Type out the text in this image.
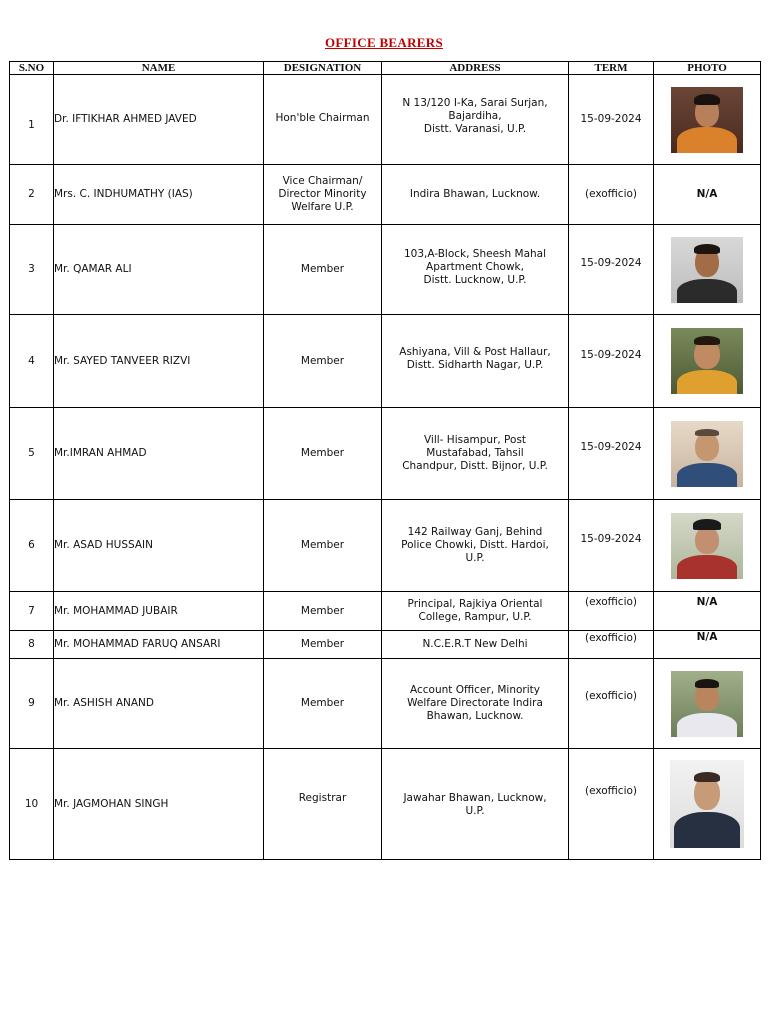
OFFICE BEARERS
S.NO	NAME	DESIGNATION	ADDRESS	TERM	PHOTO
1	Dr. IFTIKHAR AHMED JAVED	Hon'ble Chairman	N 13/120 I-Ka, Sarai Surjan,
Bajardiha,
Distt. Varanasi, U.P.	15-09-2024	

2	Mrs. C. INDHUMATHY (IAS)	Vice Chairman/
Director Minority
Welfare U.P.	Indira Bhawan, Lucknow.	(exofficio)	N/A
3	Mr. QAMAR ALI	Member	103,A-Block, Sheesh Mahal
Apartment Chowk,
Distt. Lucknow, U.P.	15-09-2024	

4	Mr. SAYED TANVEER RIZVI	Member	Ashiyana, Vill & Post Hallaur,
Distt. Sidharth Nagar, U.P.	15-09-2024	

5	Mr.IMRAN AHMAD	Member	Vill- Hisampur, Post
Mustafabad, Tahsil
Chandpur, Distt. Bijnor, U.P.	15-09-2024	

6	Mr. ASAD HUSSAIN	Member	142 Railway Ganj, Behind
Police Chowki, Distt. Hardoi,
U.P.	15-09-2024	

7	Mr. MOHAMMAD JUBAIR	Member	Principal, Rajkiya Oriental
College, Rampur, U.P.	(exofficio)	N/A
8	Mr. MOHAMMAD FARUQ ANSARI	Member	N.C.E.R.T New Delhi	(exofficio)	N/A
9	Mr. ASHISH ANAND	Member	Account Officer, Minority
Welfare Directorate Indira
Bhawan, Lucknow.	(exofficio)	

10	Mr. JAGMOHAN SINGH	Registrar	Jawahar Bhawan, Lucknow,
U.P.	(exofficio)	
